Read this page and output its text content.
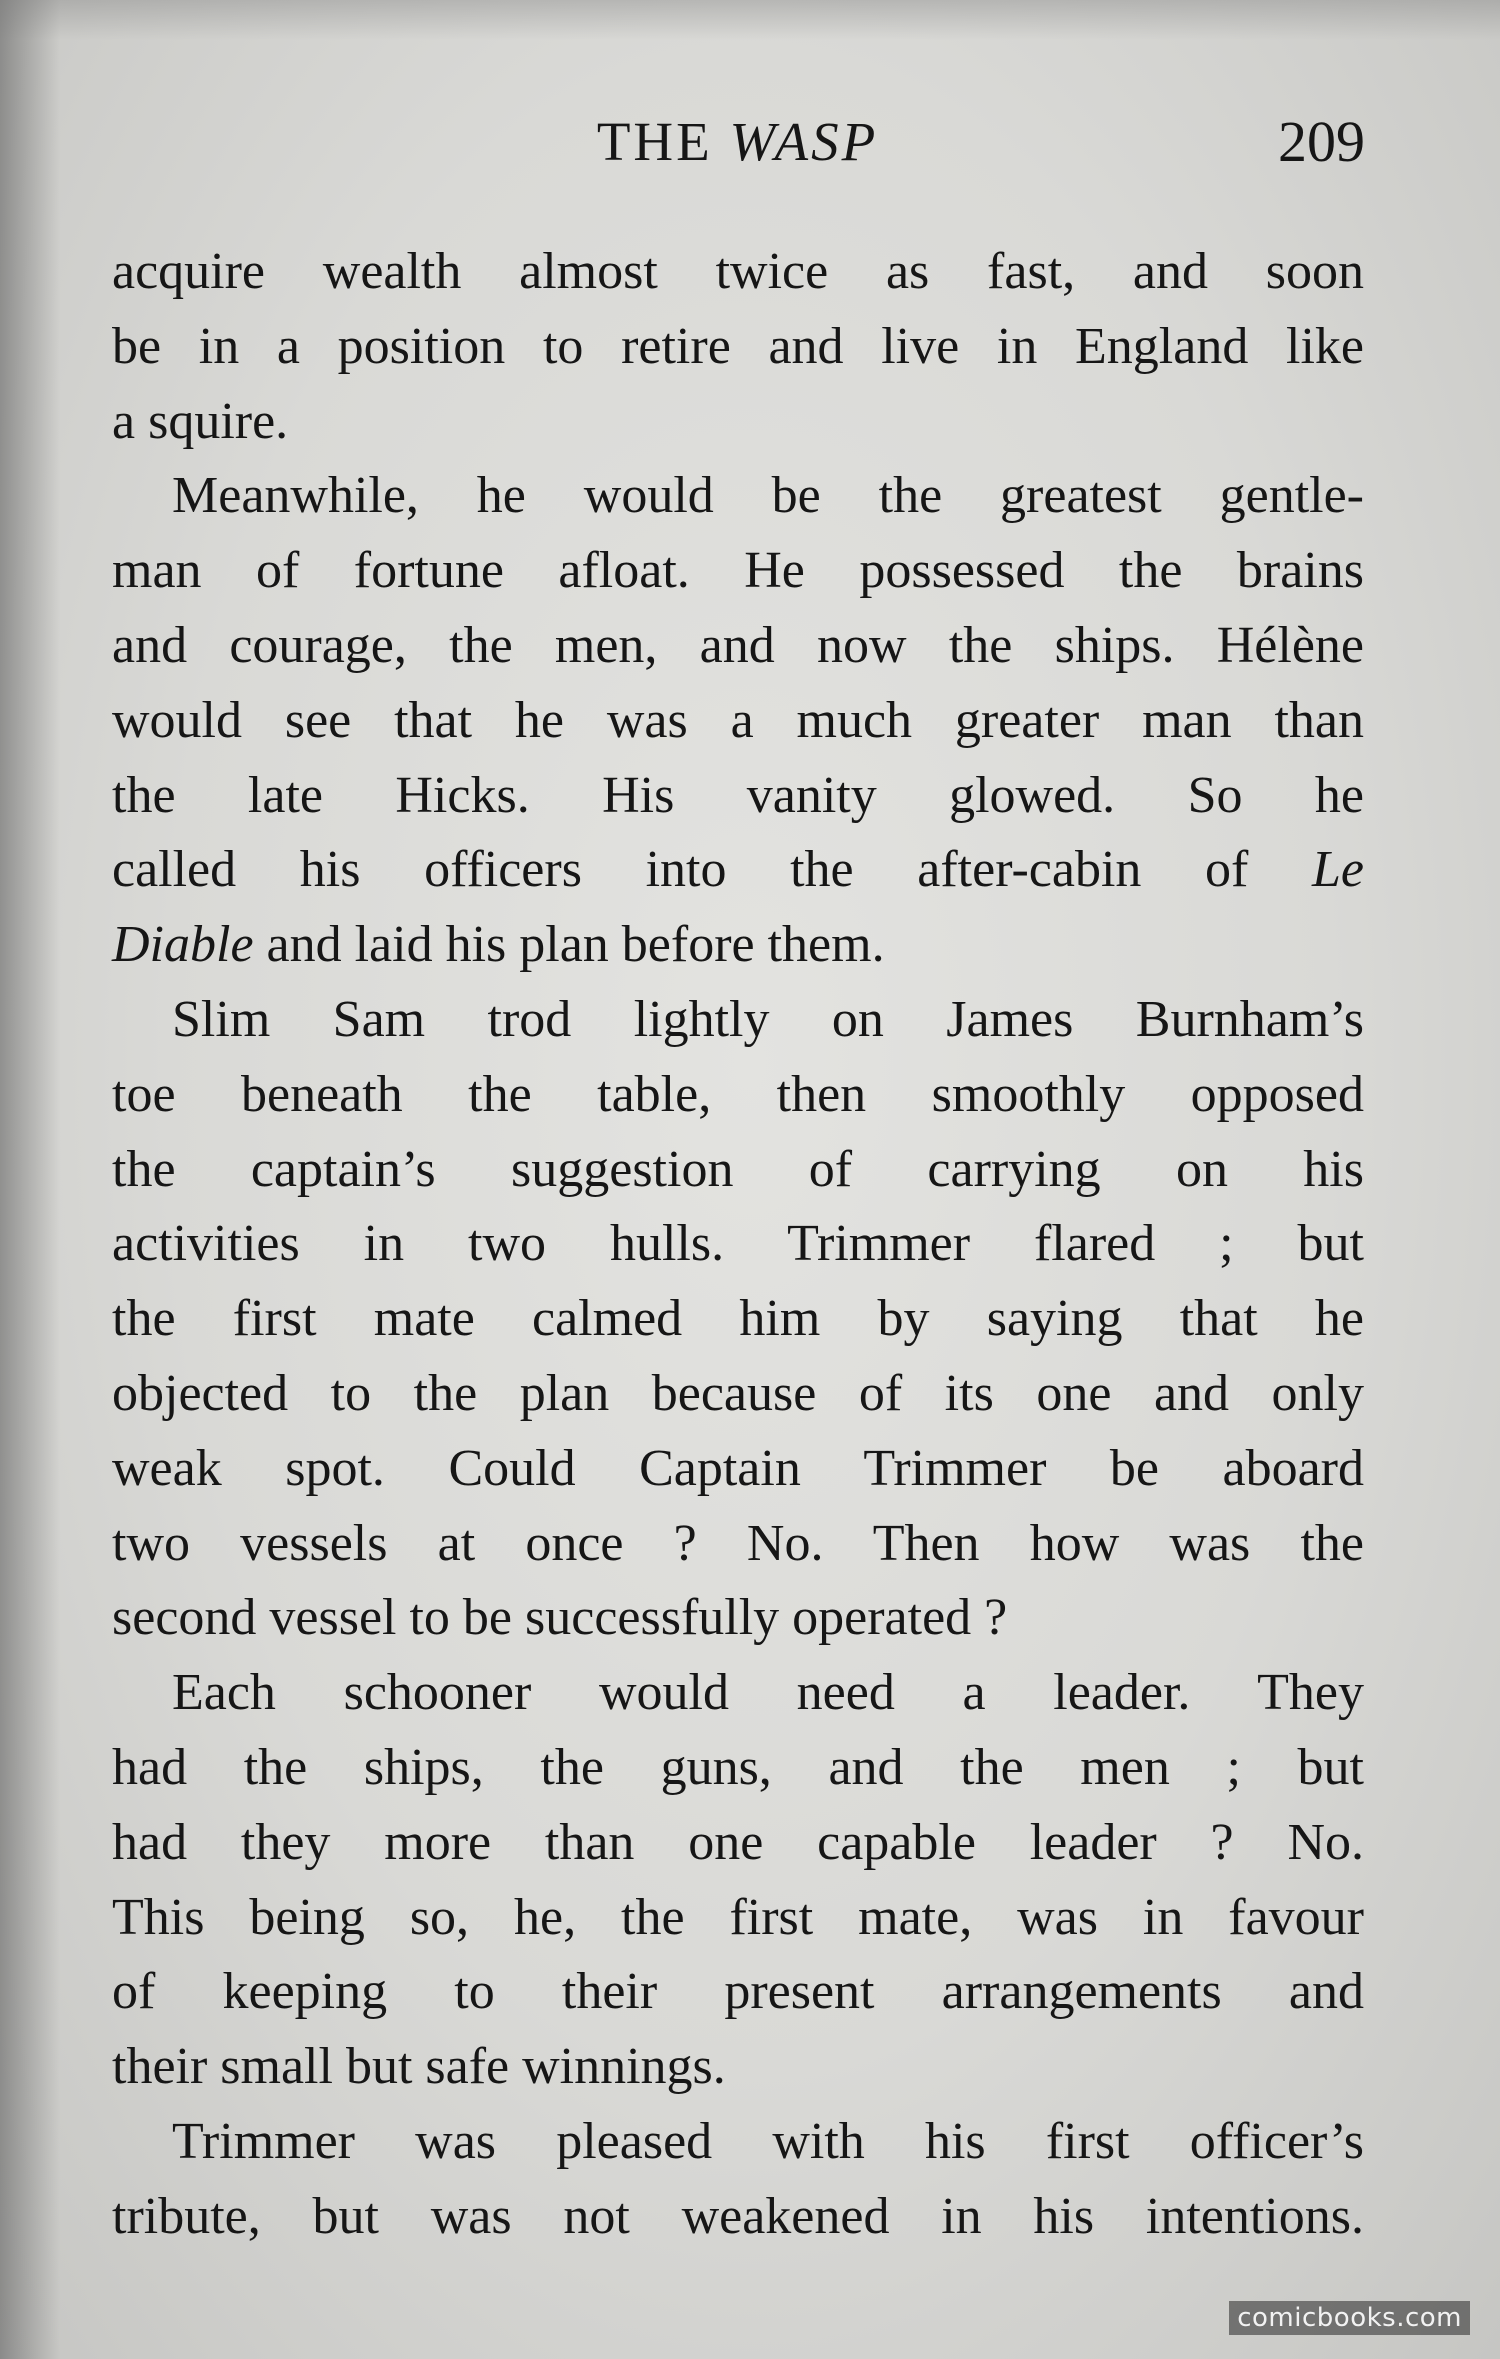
THE WASP	209
acquire wealth almost twice as fast, and soon
be in a position to retire and live in England like
a squire.
Meanwhile, he would be the greatest gentle-
man of fortune afloat. He possessed the brains
and courage, the men, and now the ships. Hélène
would see that he was a much greater man than
the late Hicks. His vanity glowed. So he
called his officers into the after-cabin of Le
Diable and laid his plan before them.
Slim Sam trod lightly on James Burnham’s
toe beneath the table, then smoothly opposed
the captain’s suggestion of carrying on his
activities in two hulls. Trimmer flared ; but
the first mate calmed him by saying that he
objected to the plan because of its one and only
weak spot. Could Captain Trimmer be aboard
two vessels at once ? No. Then how was the
second vessel to be successfully operated ?
Each schooner would need a leader. They
had the ships, the guns, and the men ; but
had they more than one capable leader ? No.
This being so, he, the first mate, was in favour
of keeping to their present arrangements and
their small but safe winnings.
Trimmer was pleased with his first officer’s
tribute, but was not weakened in his intentions.
comicbooks.com
